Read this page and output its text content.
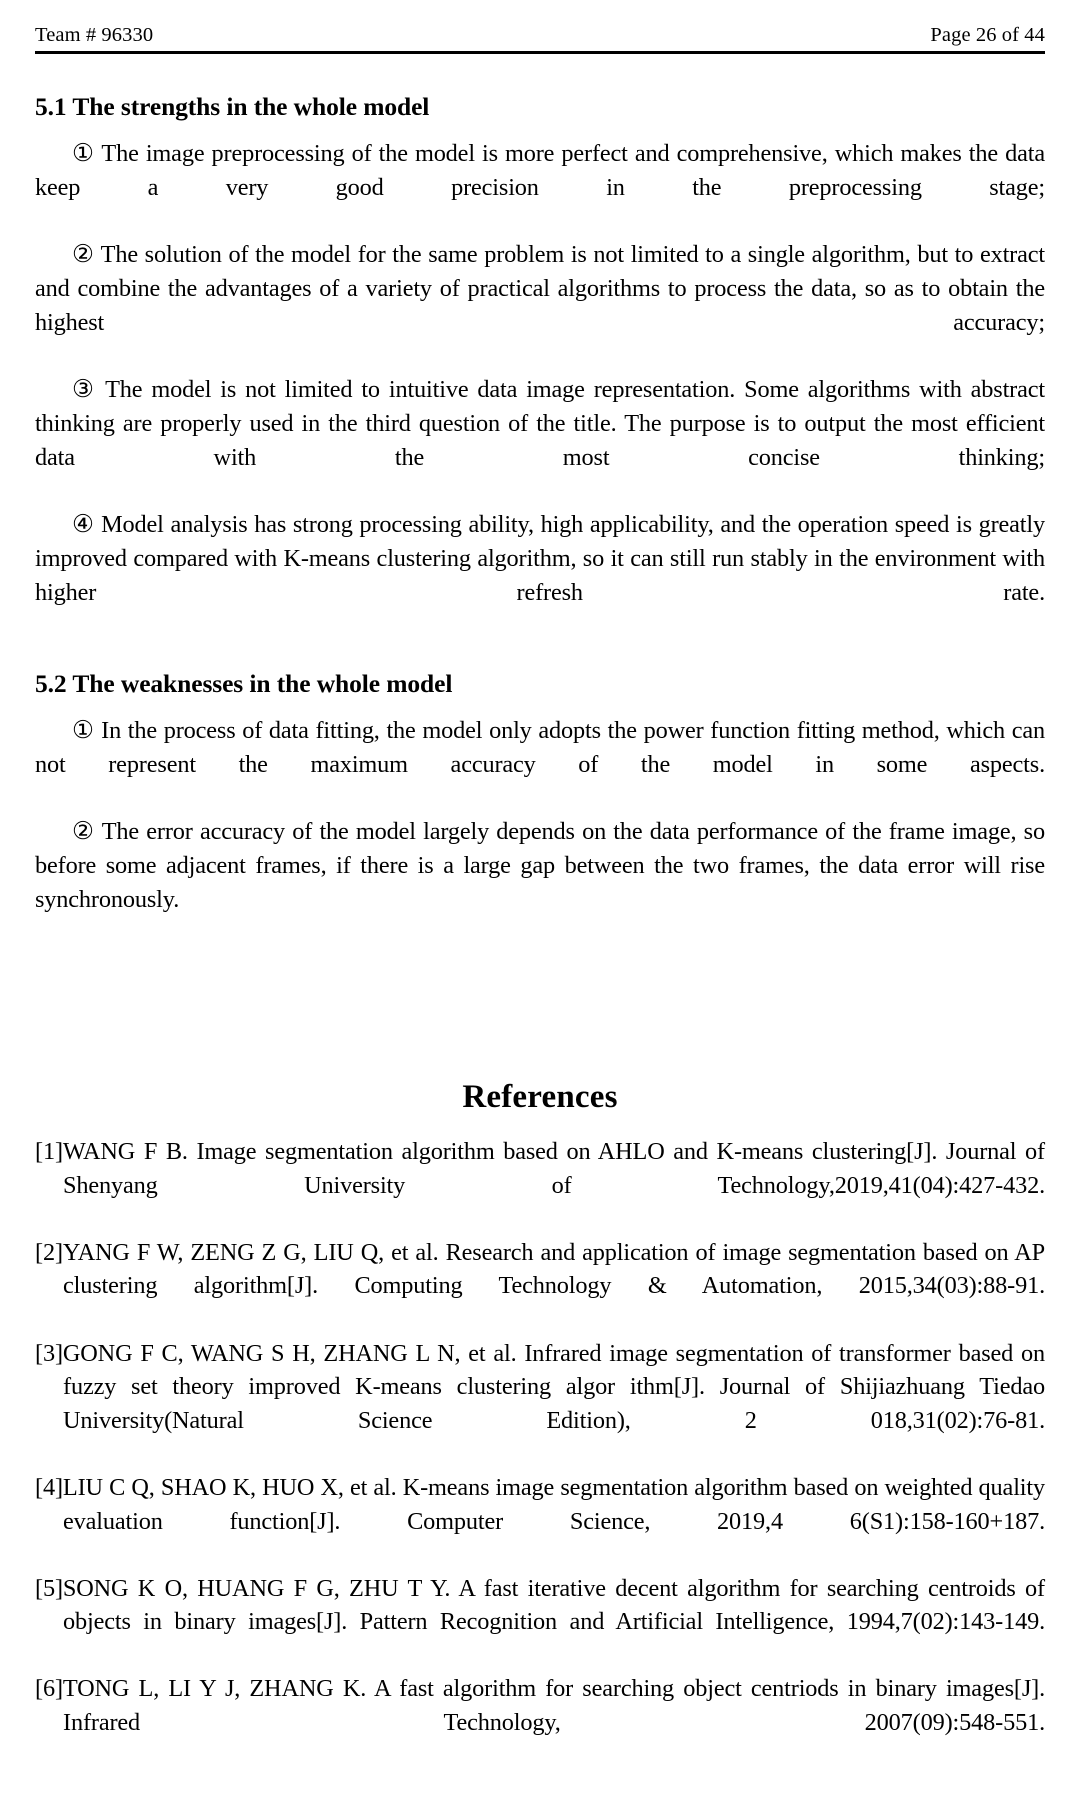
Team # 96330	Page 26 of 44
5.1 The strengths in the whole model

① The image preprocessing of the model is more perfect and comprehensive, which makes the data keep a very good precision in the preprocessing stage;

② The solution of the model for the same problem is not limited to a single algorithm, but to extract and combine the advantages of a variety of practical algorithms to process the data, so as to obtain the highest accuracy;

③ The model is not limited to intuitive data image representation. Some algorithms with abstract thinking are properly used in the third question of the title. The purpose is to output the most efficient data with the most concise thinking;

④ Model analysis has strong processing ability, high applicability, and the operation speed is greatly improved compared with K-means clustering algorithm, so it can still run stably in the environment with higher refresh rate.

5.2 The weaknesses in the whole model

① In the process of data fitting, the model only adopts the power function fitting method, which can not represent the maximum accuracy of the model in some aspects.

② The error accuracy of the model largely depends on the data performance of the frame image, so before some adjacent frames, if there is a large gap between the two frames, the data error will rise synchronously.

References
[1]WANG F B. Image segmentation algorithm based on AHLO and K-means clustering[J]. Journal of Shenyang University of Technology,2019,41(04):427-432.
[2]YANG F W, ZENG Z G, LIU Q, et al. Research and application of image segmentation based on AP clustering algorithm[J]. Computing Technology & Automation, 2015,34(03):88-91.
[3]GONG F C, WANG S H, ZHANG L N, et al. Infrared image segmentation of transformer based on fuzzy set theory improved K-means clustering algor ithm[J]. Journal of Shijiazhuang Tiedao University(Natural Science Edition), 2 018,31(02):76-81.
[4]LIU C Q, SHAO K, HUO X, et al. K-means image segmentation algorithm based on weighted quality evaluation function[J]. Computer Science, 2019,4 6(S1):158-160+187.
[5]SONG K O, HUANG F G, ZHU T Y. A fast iterative decent algorithm for searching centroids of objects in binary images[J]. Pattern Recognition and Artificial Intelligence, 1994,7(02):143-149.
[6]TONG L, LI Y J, ZHANG K. A fast algorithm for searching object centriods in binary images[J]. Infrared Technology, 2007(09):548-551.
